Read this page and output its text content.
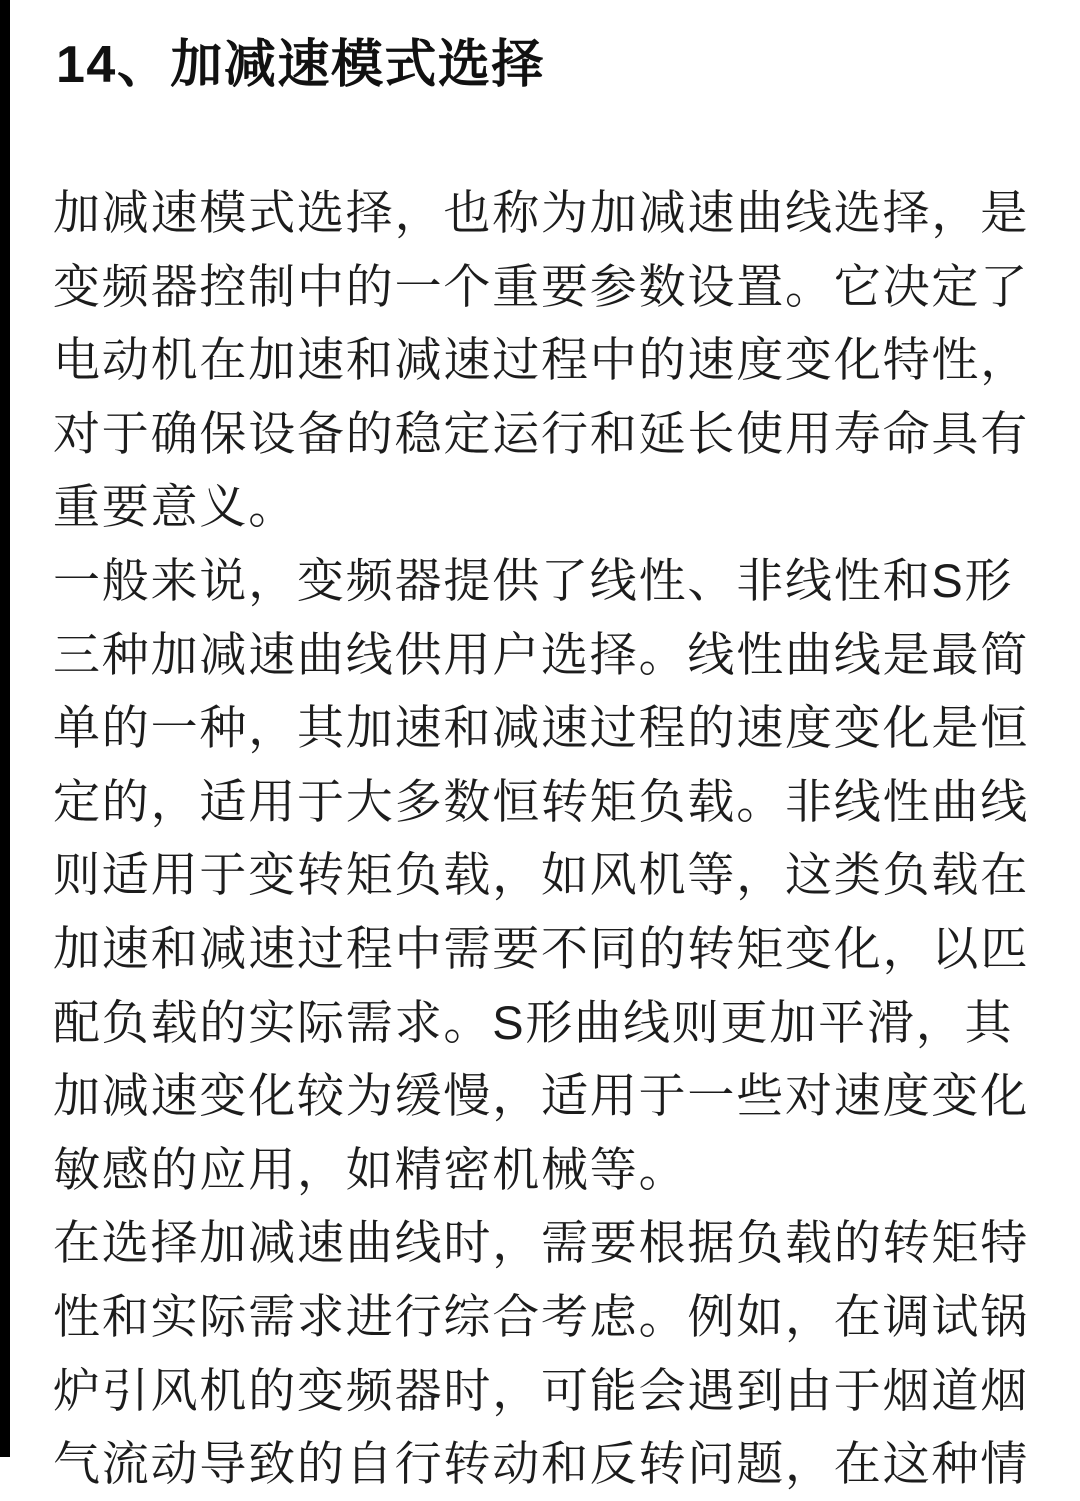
14、加减速模式选择
加减速模式选择，也称为加减速曲线选择，是
变频器控制中的一个重要参数设置。它决定了
电动机在加速和减速过程中的速度变化特性，
对于确保设备的稳定运行和延长使用寿命具有
重要意义。
一般来说，变频器提供了线性、非线性和S形
三种加减速曲线供用户选择。线性曲线是最简
单的一种，其加速和减速过程的速度变化是恒
定的，适用于大多数恒转矩负载。非线性曲线
则适用于变转矩负载，如风机等，这类负载在
加速和减速过程中需要不同的转矩变化，以匹
配负载的实际需求。S形曲线则更加平滑，其
加减速变化较为缓慢，适用于一些对速度变化
敏感的应用，如精密机械等。
在选择加减速曲线时，需要根据负载的转矩特
性和实际需求进行综合考虑。例如，在调试锅
炉引风机的变频器时，可能会遇到由于烟道烟
气流动导致的自行转动和反转问题，在这种情
